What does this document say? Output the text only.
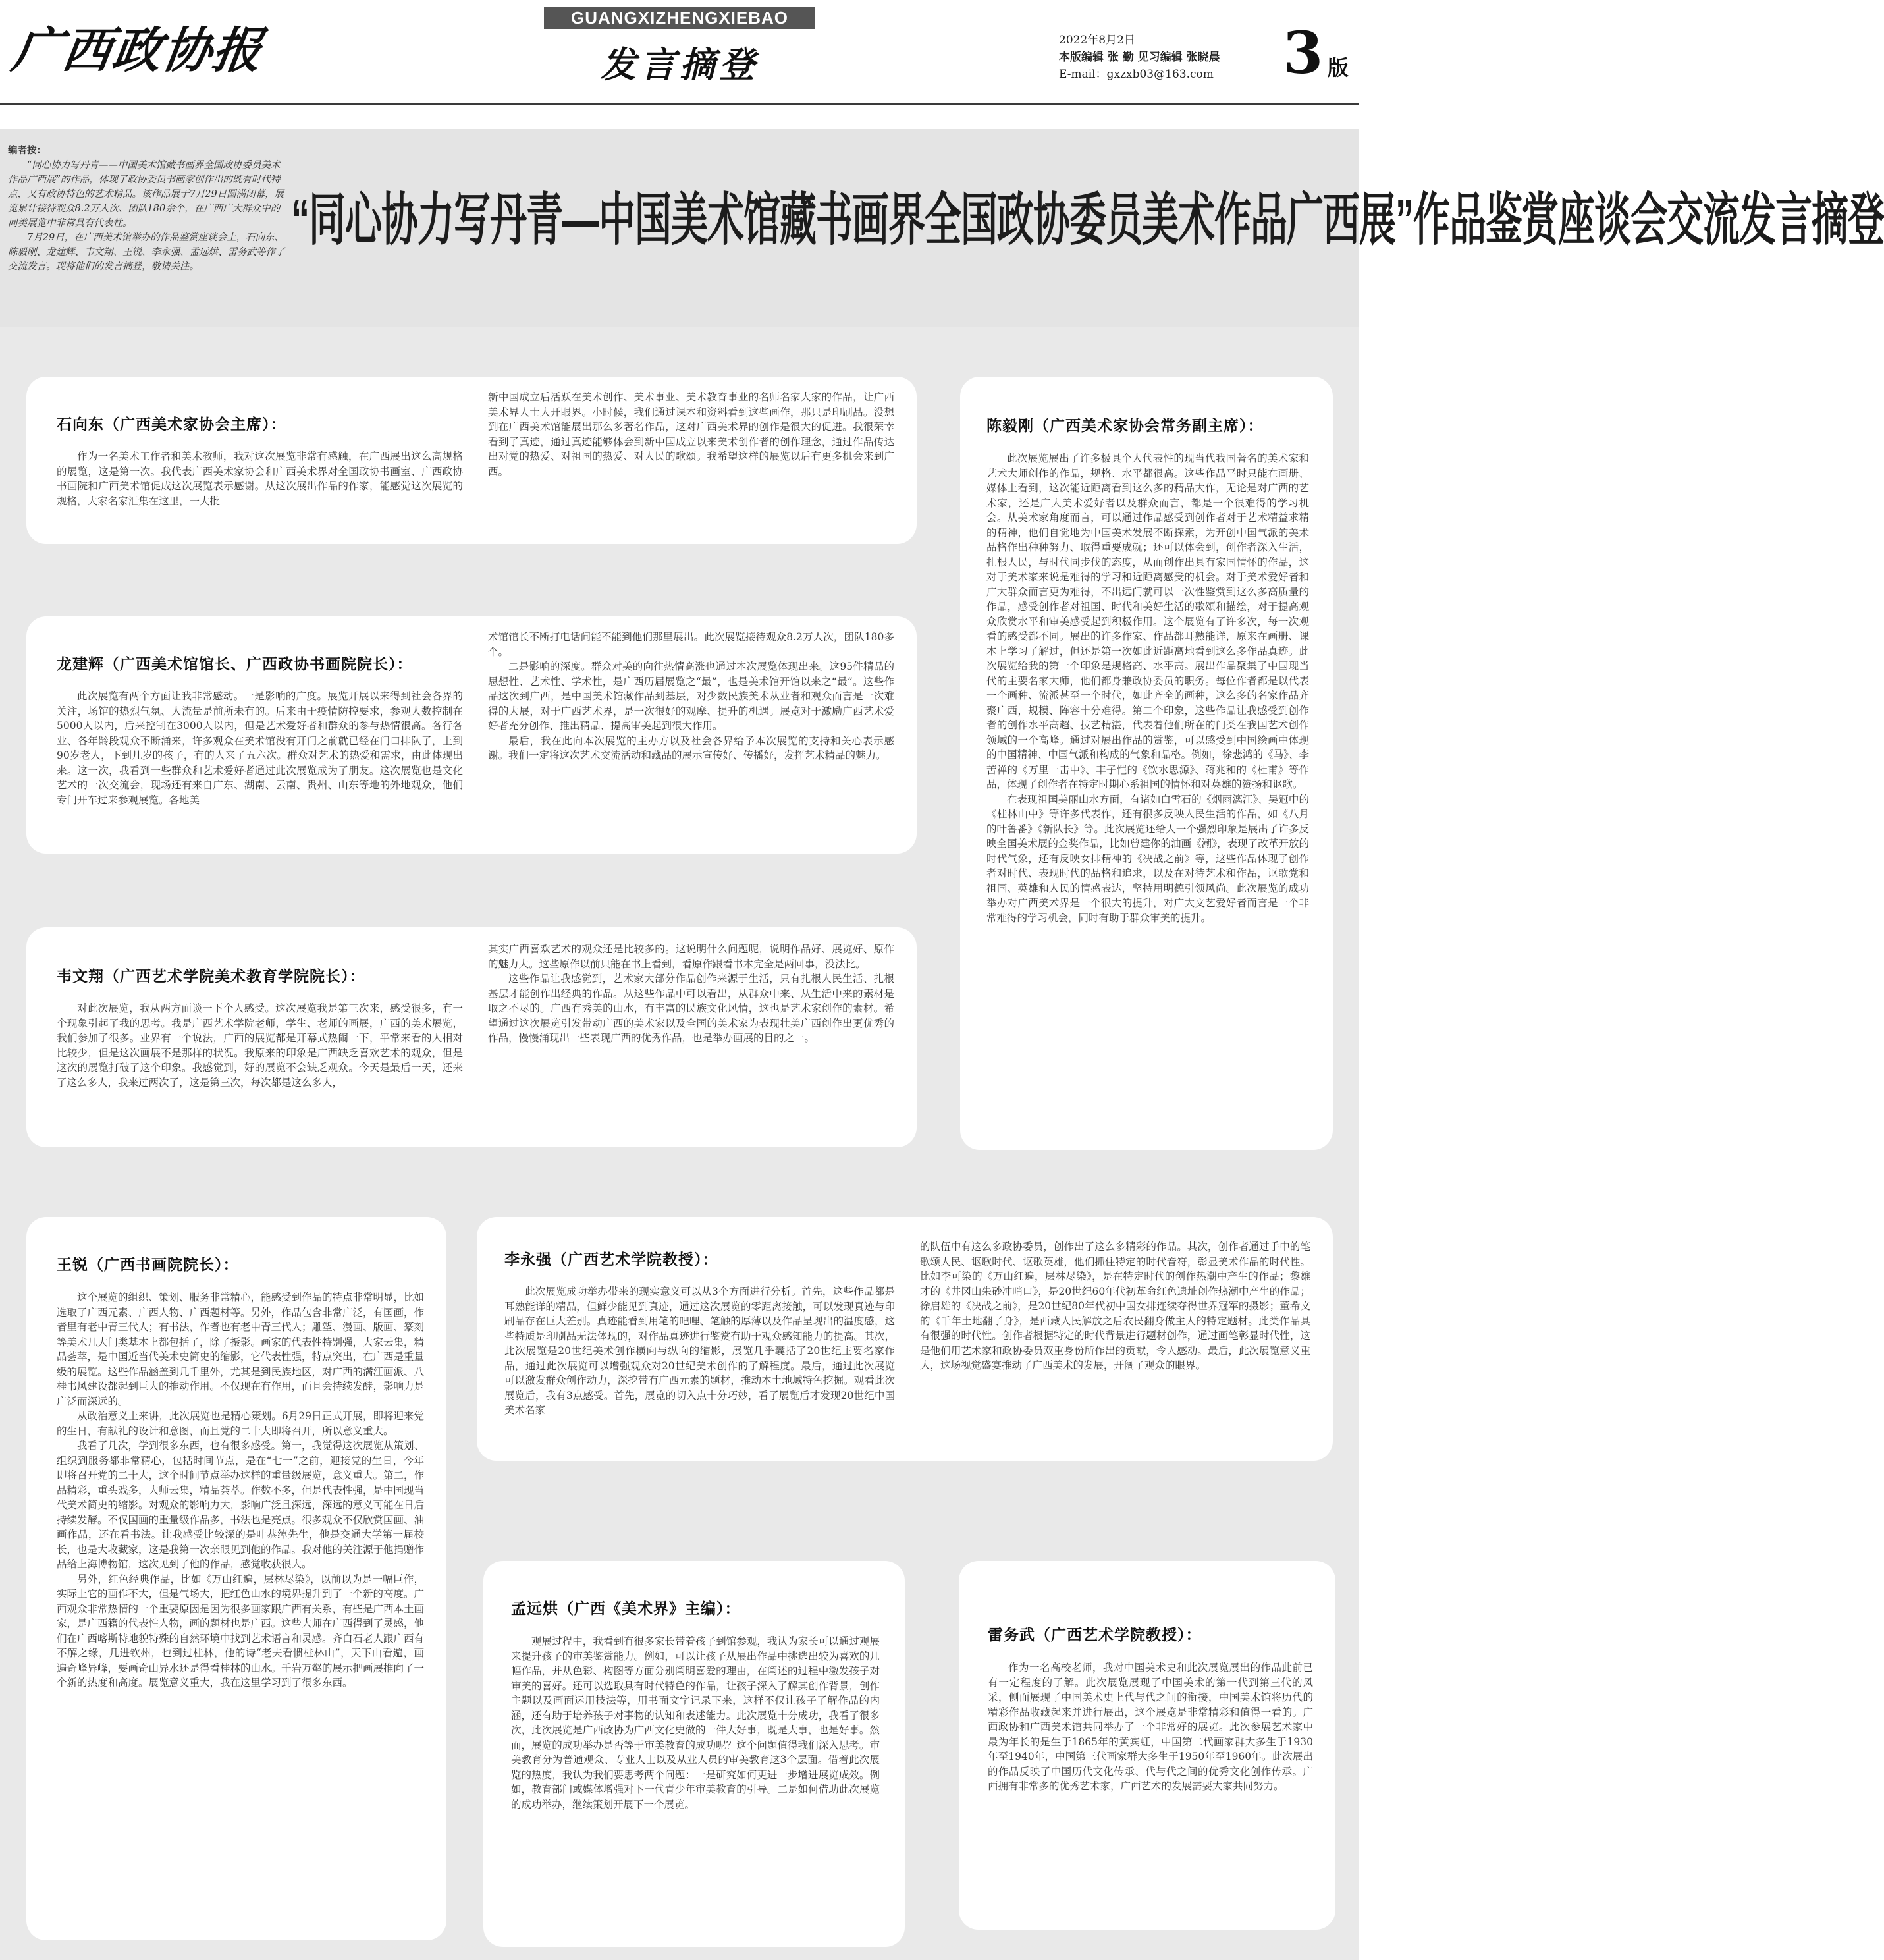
广西政协报
GUANGXIZHENGXIEBAO
发言摘登
2022年8月2日
本版编辑 张 勤 见习编辑 张晓晨
E-mail：gxzxb03@163.com 3 版
编者按：

“同心协力写丹青——中国美术馆藏书画界全国政协委员美术作品广西展”的作品，体现了政协委员书画家创作出的既有时代特点，又有政协特色的艺术精品。该作品展于7月29日圆满闭幕，展览累计接待观众8.2万人次、团队180余个，在广西广大群众中的同类展览中非常具有代表性。

7月29日，在广西美术馆举办的作品鉴赏座谈会上，石向东、陈毅刚、龙建辉、韦文翔、王锐、李永强、孟远烘、雷务武等作了交流发言。现将他们的发言摘登，敬请关注。

“同心协力写丹青—中国美术馆藏书画界全国政协委员美术作品广西展”作品鉴赏座谈会交流发言摘登
石向东（广西美术家协会主席）：

作为一名美术工作者和美术教师，我对这次展览非常有感触，在广西展出这么高规格的展览，这是第一次。我代表广西美术家协会和广西美术界对全国政协书画室、广西政协书画院和广西美术馆促成这次展览表示感谢。从这次展出作品的作家，能感觉这次展览的规格，大家名家汇集在这里，一大批

新中国成立后活跃在美术创作、美术事业、美术教育事业的名师名家大家的作品，让广西美术界人士大开眼界。小时候，我们通过课本和资料看到这些画作，那只是印刷品。没想到在广西美术馆能展出那么多著名作品，这对广西美术界的创作是很大的促进。我很荣幸看到了真迹，通过真迹能够体会到新中国成立以来美术创作者的创作理念，通过作品传达出对党的热爱、对祖国的热爱、对人民的歌颂。我希望这样的展览以后有更多机会来到广西。

陈毅刚（广西美术家协会常务副主席）：

此次展览展出了许多极具个人代表性的现当代我国著名的美术家和艺术大师创作的作品，规格、水平都很高。这些作品平时只能在画册、媒体上看到，这次能近距离看到这么多的精品大作，无论是对广西的艺术家，还是广大美术爱好者以及群众而言，都是一个很难得的学习机会。从美术家角度而言，可以通过作品感受到创作者对于艺术精益求精的精神，他们自觉地为中国美术发展不断探索，为开创中国气派的美术品格作出种种努力、取得重要成就；还可以体会到，创作者深入生活，扎根人民，与时代同步伐的态度，从而创作出具有家国情怀的作品，这对于美术家来说是难得的学习和近距离感受的机会。对于美术爱好者和广大群众而言更为难得，不出远门就可以一次性鉴赏到这么多高质量的作品，感受创作者对祖国、时代和美好生活的歌颂和描绘，对于提高观众欣赏水平和审美感受起到积极作用。这个展览有了许多次，每一次观看的感受都不同。展出的许多作家、作品都耳熟能详，原来在画册、课本上学习了解过，但还是第一次如此近距离地看到这么多作品真迹。此次展览给我的第一个印象是规格高、水平高。展出作品聚集了中国现当代的主要名家大师，他们都身兼政协委员的职务。每位作者都是以代表一个画种、流派甚至一个时代，如此齐全的画种，这么多的名家作品齐聚广西，规模、阵容十分难得。第二个印象，这些作品让我感受到创作者的创作水平高超、技艺精湛，代表着他们所在的门类在我国艺术创作领域的一个高峰。通过对展出作品的赏鉴，可以感受到中国绘画中体现的中国精神、中国气派和构成的气象和品格。例如，徐悲鸿的《马》、李苦禅的《万里一击中》、丰子恺的《饮水思源》、蒋兆和的《杜甫》等作品，体现了创作者在特定时期心系祖国的情怀和对英雄的赞扬和讴歌。

在表现祖国美丽山水方面，有诸如白雪石的《烟雨漓江》、吴冠中的《桂林山中》等许多代表作，还有很多反映人民生活的作品，如《八月的叶鲁番》《新队长》等。此次展览还给人一个强烈印象是展出了许多反映全国美术展的金奖作品，比如曾建你的油画《潮》，表现了改革开放的时代气象，还有反映女排精神的《决战之前》等，这些作品体现了创作者对时代、表现时代的品格和追求，以及在对待艺术和作品，讴歌党和祖国、英雄和人民的情感表达，坚持用明德引领风尚。此次展览的成功举办对广西美术界是一个很大的提升，对广大文艺爱好者而言是一个非常难得的学习机会，同时有助于群众审美的提升。

龙建辉（广西美术馆馆长、广西政协书画院院长）：

此次展览有两个方面让我非常感动。一是影响的广度。展览开展以来得到社会各界的关注，场馆的热烈气氛、人流量是前所未有的。后来由于疫情防控要求，参观人数控制在5000人以内，后来控制在3000人以内，但是艺术爱好者和群众的参与热情很高。各行各业、各年龄段观众不断涌来，许多观众在美术馆没有开门之前就已经在门口排队了，上到90岁老人，下到几岁的孩子，有的人来了五六次。群众对艺术的热爱和需求，由此体现出来。这一次，我看到一些群众和艺术爱好者通过此次展览成为了朋友。这次展览也是文化艺术的一次交流会，现场还有来自广东、湖南、云南、贵州、山东等地的外地观众，他们专门开车过来参观展览。各地美

术馆馆长不断打电话问能不能到他们那里展出。此次展览接待观众8.2万人次，团队180多个。

二是影响的深度。群众对美的向往热情高涨也通过本次展览体现出来。这95件精品的思想性、艺术性、学术性，是广西历届展览之“最”，也是美术馆开馆以来之“最”。这些作品这次到广西，是中国美术馆藏作品到基层，对少数民族美术从业者和观众而言是一次难得的大展，对于广西艺术界，是一次很好的观摩、提升的机遇。展览对于激励广西艺术爱好者充分创作、推出精品、提高审美起到很大作用。

最后，我在此向本次展览的主办方以及社会各界给予本次展览的支持和关心表示感谢。我们一定将这次艺术交流活动和藏品的展示宣传好、传播好，发挥艺术精品的魅力。

韦文翔（广西艺术学院美术教育学院院长）：

对此次展览，我从两方面谈一下个人感受。这次展览我是第三次来，感受很多，有一个现象引起了我的思考。我是广西艺术学院老师，学生、老师的画展，广西的美术展览，我们参加了很多。业界有一个说法，广西的展览都是开幕式热闹一下，平常来看的人相对比较少，但是这次画展不是那样的状况。我原来的印象是广西缺乏喜欢艺术的观众，但是这次的展览打破了这个印象。我感觉到，好的展览不会缺乏观众。今天是最后一天，还来了这么多人，我来过两次了，这是第三次，每次都是这么多人，

其实广西喜欢艺术的观众还是比较多的。这说明什么问题呢，说明作品好、展览好、原作的魅力大。这些原作以前只能在书上看到，看原作跟看书本完全是两回事，没法比。

这些作品让我感觉到，艺术家大部分作品创作来源于生活，只有扎根人民生活、扎根基层才能创作出经典的作品。从这些作品中可以看出，从群众中来、从生活中来的素材是取之不尽的。广西有秀美的山水，有丰富的民族文化风情，这也是艺术家创作的素材。希望通过这次展览引发带动广西的美术家以及全国的美术家为表现壮美广西创作出更优秀的作品，慢慢涌现出一些表现广西的优秀作品，也是举办画展的目的之一。

王锐（广西书画院院长）：

这个展览的组织、策划、服务非常精心，能感受到作品的特点非常明显，比如选取了广西元素、广西人物、广西题材等。另外，作品包含非常广泛，有国画，作者里有老中青三代人；有书法，作者也有老中青三代人；雕塑、漫画、版画、篆刻等美术几大门类基本上都包括了，除了摄影。画家的代表性特别强，大家云集，精品荟萃，是中国近当代美术史简史的缩影，它代表性强，特点突出，在广西是重量级的展览。这些作品涵盖到几千里外，尤其是到民族地区，对广西的满江画派、八桂书风建设都起到巨大的推动作用。不仅现在有作用，而且会持续发酵，影响力是广泛而深远的。

从政治意义上来讲，此次展览也是精心策划。6月29日正式开展，即将迎来党的生日，有献礼的设计和意图，而且党的二十大即将召开，所以意义重大。

我看了几次，学到很多东西，也有很多感受。第一，我觉得这次展览从策划、组织到服务都非常精心，包括时间节点，是在“七一”之前，迎接党的生日，今年即将召开党的二十大，这个时间节点举办这样的重量级展览，意义重大。第二，作品精彩，重头戏多，大师云集，精品荟萃。作数不多，但是代表性强，是中国现当代美术简史的缩影。对观众的影响力大，影响广泛且深远，深远的意义可能在日后持续发酵。不仅国画的重量级作品多，书法也是亮点。很多观众不仅欣赏国画、油画作品，还在看书法。让我感受比较深的是叶恭绰先生，他是交通大学第一届校长，也是大收藏家，这是我第一次亲眼见到他的作品。我对他的关注源于他捐赠作品给上海博物馆，这次见到了他的作品，感觉收获很大。

另外，红色经典作品，比如《万山红遍，层林尽染》，以前以为是一幅巨作，实际上它的画作不大，但是气场大，把红色山水的境界提升到了一个新的高度。广西观众非常热情的一个重要原因是因为很多画家跟广西有关系，有些是广西本土画家，是广西籍的代表性人物，画的题材也是广西。这些大师在广西得到了灵感，他们在广西喀斯特地貌特殊的自然环境中找到艺术语言和灵感。齐白石老人跟广西有不解之缘，几进钦州，也到过桂林，他的诗“老夫看惯桂林山”，天下山看遍，画遍奇峰异峰，要画奇山异水还是得看桂林的山水。千岩万壑的展示把画展推向了一个新的热度和高度。展览意义重大，我在这里学习到了很多东西。

李永强（广西艺术学院教授）：

此次展览成功举办带来的现实意义可以从3个方面进行分析。首先，这些作品都是耳熟能详的精品，但鲜少能见到真迹，通过这次展览的零距离接触，可以发现真迹与印刷品存在巨大差别。真迹能看到用笔的吧哩、笔触的厚薄以及作品呈现出的温度感，这些特质是印刷品无法体现的，对作品真迹进行鉴赏有助于观众感知能力的提高。其次，此次展览是20世纪美术创作横向与纵向的缩影，展览几乎囊括了20世纪主要名家作品，通过此次展览可以增强观众对20世纪美术创作的了解程度。最后，通过此次展览可以激发群众创作动力，深挖带有广西元素的题材，推动本土地域特色挖掘。观看此次展览后，我有3点感受。首先，展览的切入点十分巧妙，看了展览后才发现20世纪中国美术名家

的队伍中有这么多政协委员，创作出了这么多精彩的作品。其次，创作者通过手中的笔歌颂人民、讴歌时代、讴歌英雄，他们抓住特定的时代音符，彰显美术作品的时代性。比如李可染的《万山红遍，层林尽染》，是在特定时代的创作热潮中产生的作品；黎雄才的《井冈山朱砂冲哨口》，是20世纪60年代初革命红色遗址创作热潮中产生的作品；徐启雄的《决战之前》，是20世纪80年代初中国女排连续夺得世界冠军的摄影；董希文的《千年土地翻了身》，是西藏人民解放之后农民翻身做主人的特定题材。此类作品具有很强的时代性。创作者根据特定的时代背景进行题材创作，通过画笔彰显时代性，这是他们用艺术家和政协委员双重身份所作出的贡献，令人感动。最后，此次展览意义重大，这场视觉盛宴推动了广西美术的发展，开阔了观众的眼界。

孟远烘（广西《美术界》主编）：

观展过程中，我看到有很多家长带着孩子到馆参观，我认为家长可以通过观展来提升孩子的审美鉴赏能力。例如，可以让孩子从展出作品中挑选出较为喜欢的几幅作品，并从色彩、构图等方面分别阐明喜爱的理由，在阐述的过程中激发孩子对审美的喜好。还可以选取具有时代特色的作品，让孩子深入了解其创作背景，创作主题以及画面运用技法等，用书面文字记录下来，这样不仅让孩子了解作品的内涵，还有助于培养孩子对事物的认知和表述能力。此次展览十分成功，我看了很多次，此次展览是广西政协为广西文化史做的一件大好事，既是大事，也是好事。然而，展览的成功举办是否等于审美教育的成功呢？这个问题值得我们深入思考。审美教育分为普通观众、专业人士以及从业人员的审美教育这3个层面。借着此次展览的热度，我认为我们要思考两个问题：一是研究如何更进一步增进展览成效。例如，教育部门或媒体增强对下一代青少年审美教育的引导。二是如何借助此次展览的成功举办，继续策划开展下一个展览。

雷务武（广西艺术学院教授）：

作为一名高校老师，我对中国美术史和此次展览展出的作品此前已有一定程度的了解。此次展览展现了中国美术的第一代到第三代的风采，侧面展现了中国美术史上代与代之间的衔接，中国美术馆将历代的精彩作品收藏起来并进行展出，这个展览是非常精彩和值得一看的。广西政协和广西美术馆共同举办了一个非常好的展览。此次参展艺术家中最为年长的是生于1865年的黄宾虹，中国第二代画家群大多生于1930年至1940年，中国第三代画家群大多生于1950年至1960年。此次展出的作品反映了中国历代文化传承、代与代之间的优秀文化创作传承。广西拥有非常多的优秀艺术家，广西艺术的发展需要大家共同努力。
